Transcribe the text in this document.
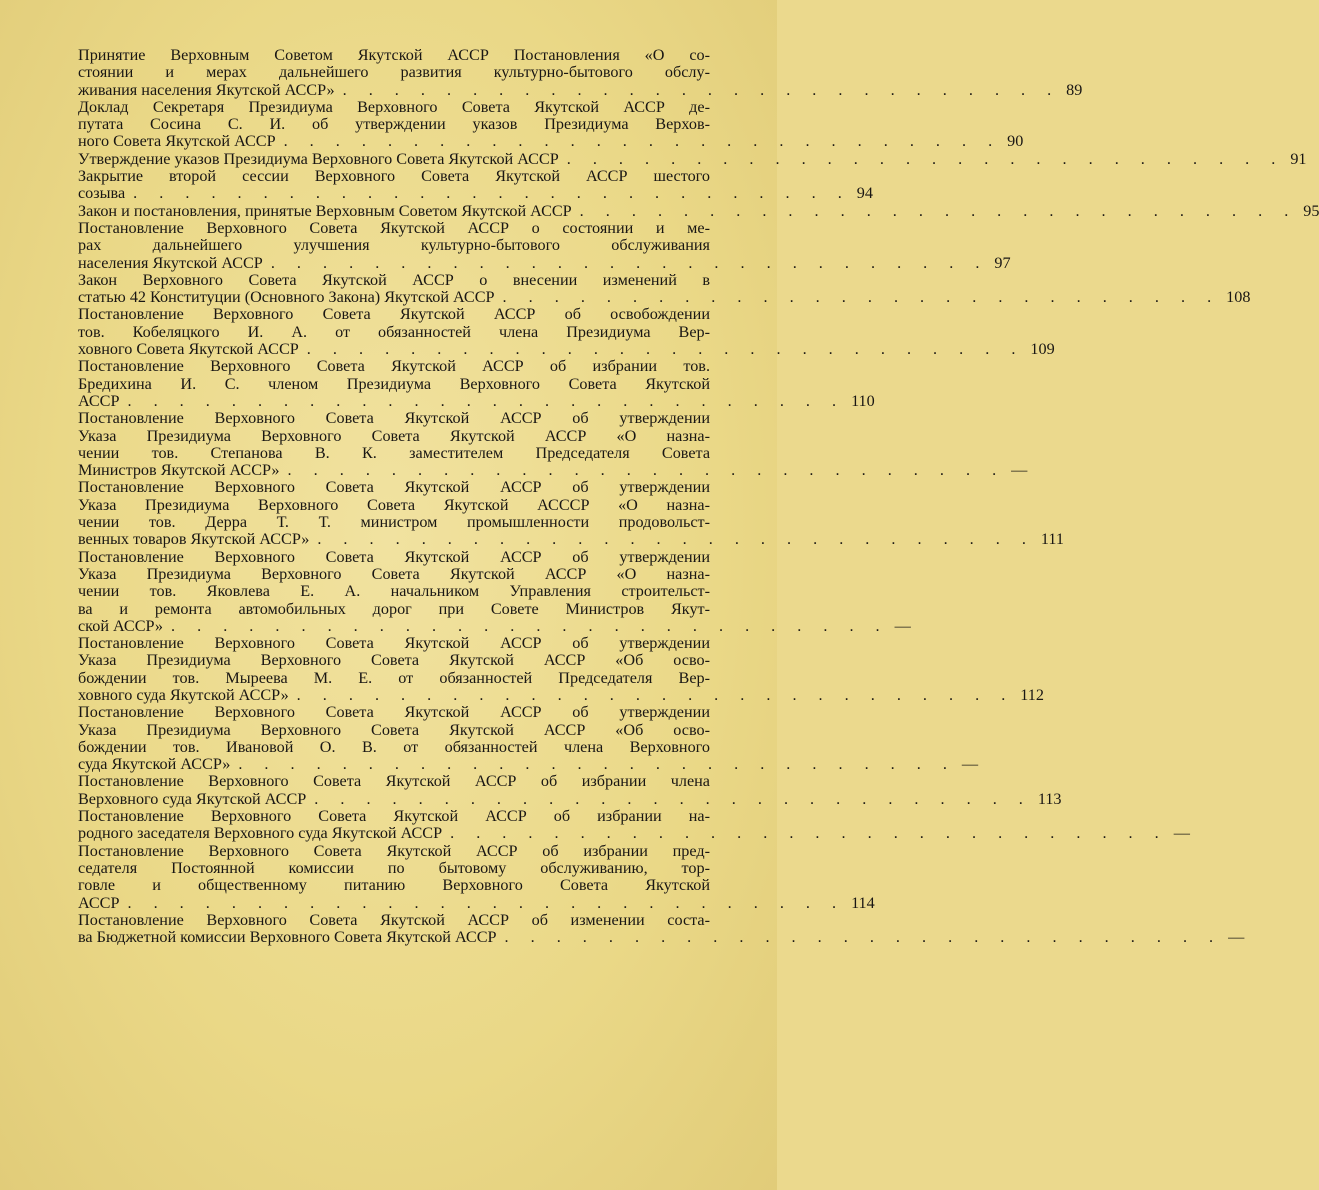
Принятие Верховным Советом Якутской АССР Постановления «О со-
стоянии и мерах дальнейшего развития культурно-бытового обслу-
живания населения Якутской АССР» . . . . . . . . . . . . . . . . . . . . . . . . . . . . 89
Доклад Секретаря Президиума Верховного Совета Якутской АССР де-
путата Сосина С. И. об утверждении указов Президиума Верхов-
ного Совета Якутской АССР . . . . . . . . . . . . . . . . . . . . . . . . . . . . 90
Утверждение указов Президиума Верховного Совета Якутской АССР . . . . . . . . . . . . . . . . . . . . . . . . . . . . 91
Закрытие второй сессии Верховного Совета Якутской АССР шестого
созыва . . . . . . . . . . . . . . . . . . . . . . . . . . . . 94
Закон и постановления, принятые Верховным Советом Якутской АССР . . . . . . . . . . . . . . . . . . . . . . . . . . . . 95
Постановление Верховного Совета Якутской АССР о состоянии и ме-
рах дальнейшего улучшения культурно-бытового обслуживания
населения Якутской АССР . . . . . . . . . . . . . . . . . . . . . . . . . . . . 97
Закон Верховного Совета Якутской АССР о внесении изменений в
статью 42 Конституции (Основного Закона) Якутской АССР . . . . . . . . . . . . . . . . . . . . . . . . . . . . 108
Постановление Верховного Совета Якутской АССР об освобождении
тов. Кобеляцкого И. А. от обязанностей члена Президиума Вер-
ховного Совета Якутской АССР . . . . . . . . . . . . . . . . . . . . . . . . . . . . 109
Постановление Верховного Совета Якутской АССР об избрании тов.
Бредихина И. С. членом Президиума Верховного Совета Якутской
АССР . . . . . . . . . . . . . . . . . . . . . . . . . . . . 110
Постановление Верховного Совета Якутской АССР об утверждении
Указа Президиума Верховного Совета Якутской АССР «О назна-
чении тов. Степанова В. К. заместителем Председателя Совета
Министров Якутской АССР» . . . . . . . . . . . . . . . . . . . . . . . . . . . . —
Постановление Верховного Совета Якутской АССР об утверждении
Указа Президиума Верховного Совета Якутской АСССР «О назна-
чении тов. Дерра Т. Т. министром промышленности продовольст-
венных товаров Якутской АССР» . . . . . . . . . . . . . . . . . . . . . . . . . . . . 111
Постановление Верховного Совета Якутской АССР об утверждении
Указа Президиума Верховного Совета Якутской АССР «О назна-
чении тов. Яковлева Е. А. начальником Управления строительст-
ва и ремонта автомобильных дорог при Совете Министров Якут-
ской АССР» . . . . . . . . . . . . . . . . . . . . . . . . . . . . —
Постановление Верховного Совета Якутской АССР об утверждении
Указа Президиума Верховного Совета Якутской АССР «Об осво-
бождении тов. Мыреева М. Е. от обязанностей Председателя Вер-
ховного суда Якутской АССР» . . . . . . . . . . . . . . . . . . . . . . . . . . . . 112
Постановление Верховного Совета Якутской АССР об утверждении
Указа Президиума Верховного Совета Якутской АССР «Об осво-
бождении тов. Ивановой О. В. от обязанностей члена Верховного
суда Якутской АССР» . . . . . . . . . . . . . . . . . . . . . . . . . . . . —
Постановление Верховного Совета Якутской АССР об избрании члена
Верховного суда Якутской АССР . . . . . . . . . . . . . . . . . . . . . . . . . . . . 113
Постановление Верховного Совета Якутской АССР об избрании на-
родного заседателя Верховного суда Якутской АССР . . . . . . . . . . . . . . . . . . . . . . . . . . . . —
Постановление Верховного Совета Якутской АССР об избрании пред-
седателя Постоянной комиссии по бытовому обслуживанию, тор-
говле и общественному питанию Верховного Совета Якутской
АССР . . . . . . . . . . . . . . . . . . . . . . . . . . . . 114
Постановление Верховного Совета Якутской АССР об изменении соста-
ва Бюджетной комиссии Верховного Совета Якутской АССР . . . . . . . . . . . . . . . . . . . . . . . . . . . . —
